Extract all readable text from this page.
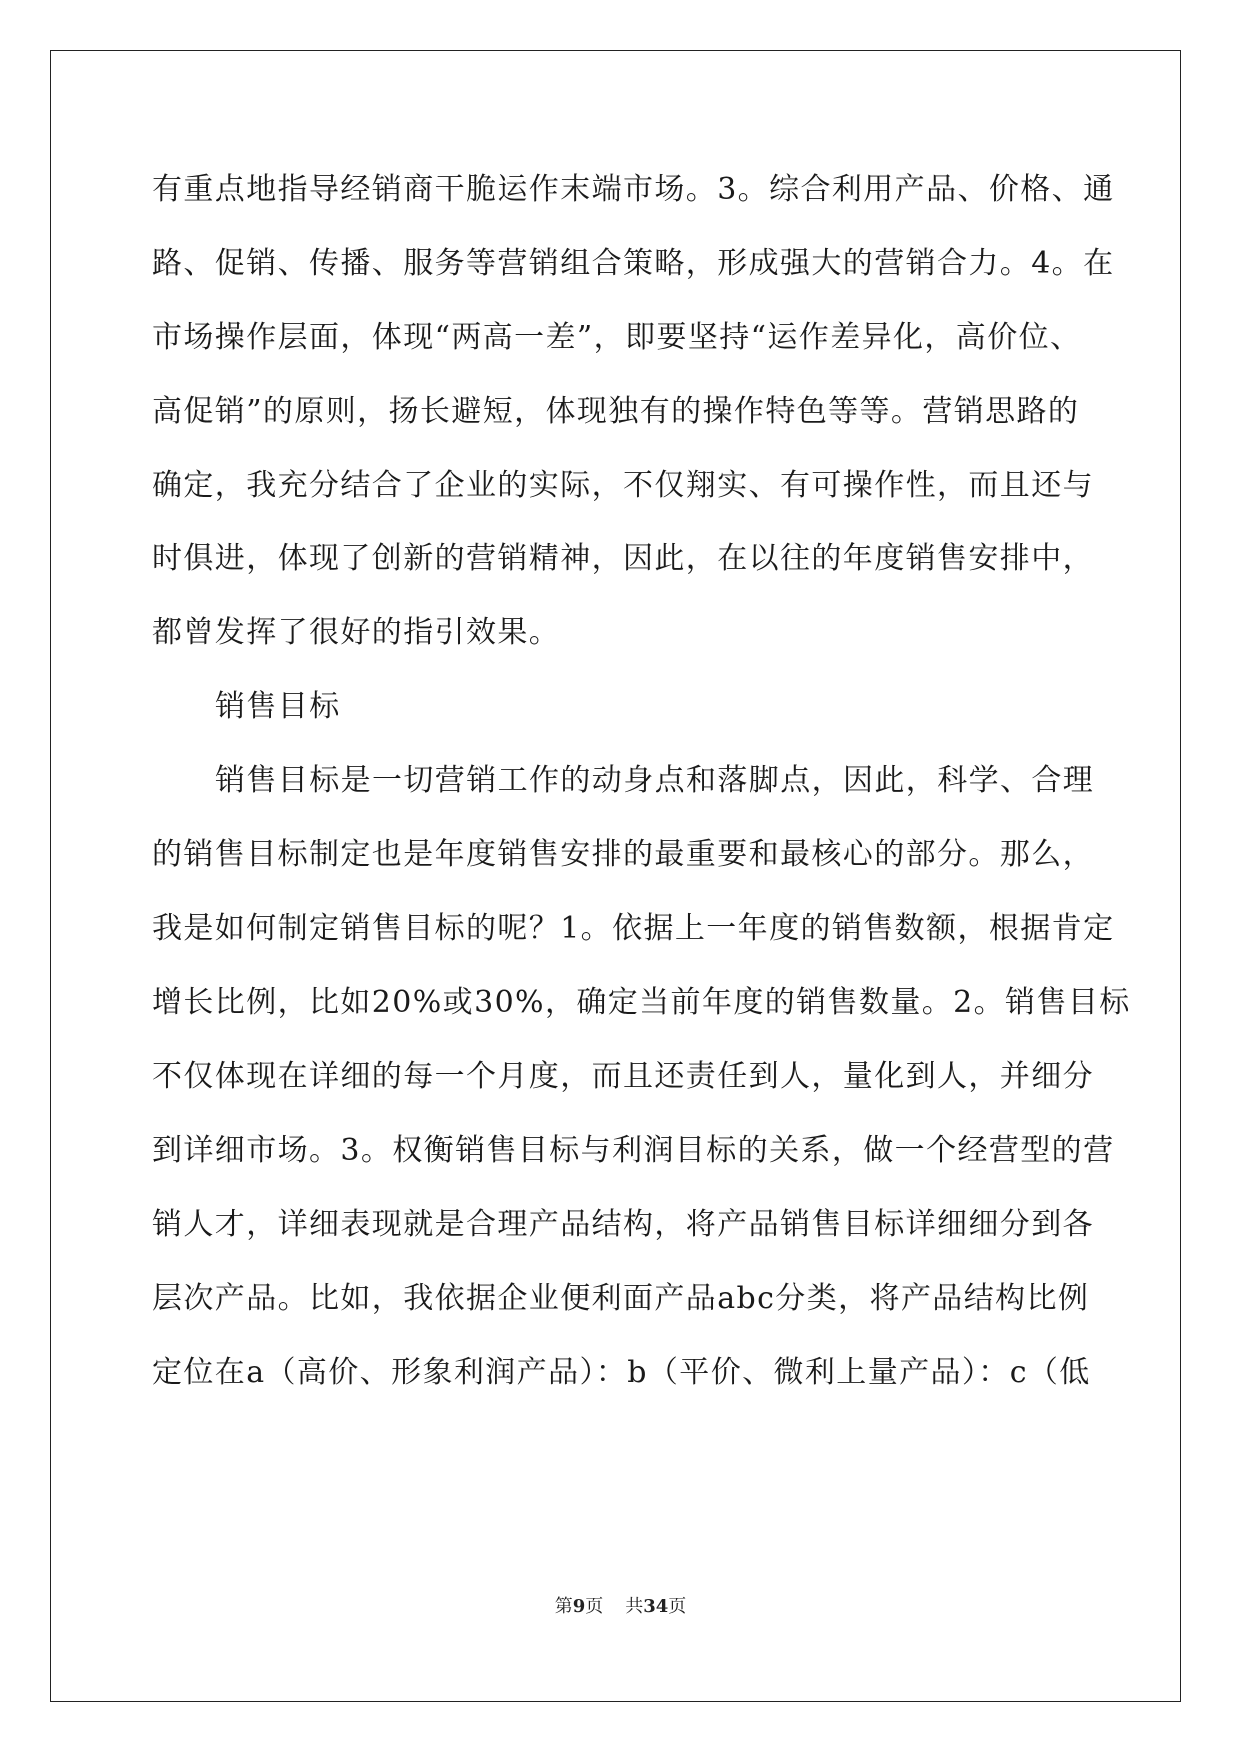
有重点地指导经销商干脆运作末端市场。3。综合利用产品、价格、通
路、促销、传播、服务等营销组合策略，形成强大的营销合力。4。在
市场操作层面，体现“两高一差”，即要坚持“运作差异化，高价位、
高促销”的原则，扬长避短，体现独有的操作特色等等。营销思路的
确定，我充分结合了企业的实际，不仅翔实、有可操作性，而且还与
时俱进，体现了创新的营销精神，因此，在以往的年度销售安排中，
都曾发挥了很好的指引效果。
销售目标
销售目标是一切营销工作的动身点和落脚点，因此，科学、合理
的销售目标制定也是年度销售安排的最重要和最核心的部分。那么，
我是如何制定销售目标的呢？1。依据上一年度的销售数额，根据肯定
增长比例，比如20%或30%，确定当前年度的销售数量。2。销售目标
不仅体现在详细的每一个月度，而且还责任到人，量化到人，并细分
到详细市场。3。权衡销售目标与利润目标的关系，做一个经营型的营
销人才，详细表现就是合理产品结构，将产品销售目标详细细分到各
层次产品。比如，我依据企业便利面产品abc分类，将产品结构比例
定位在a（高价、形象利润产品）：b（平价、微利上量产品）：c（低
第9页 共34页
